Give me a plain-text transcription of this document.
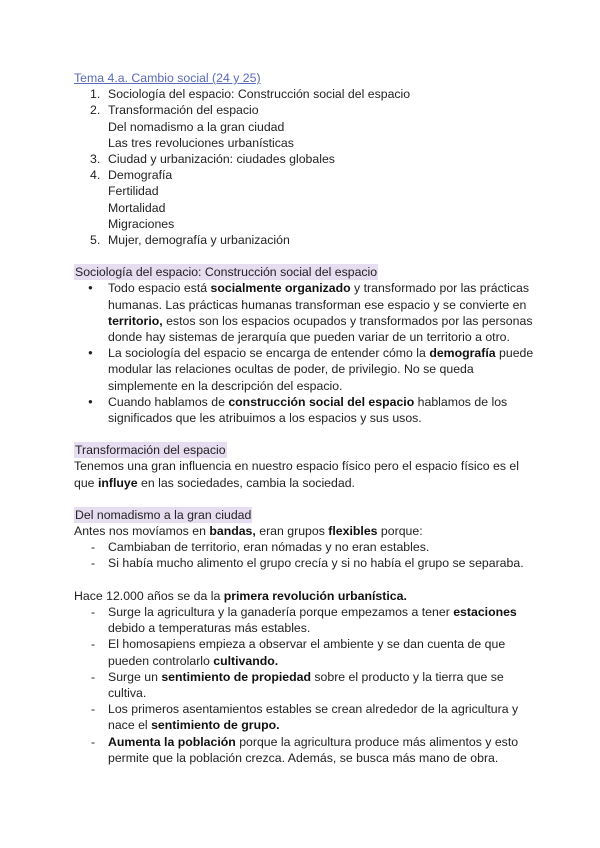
Tema 4.a. Cambio social (24 y 25)
1. Sociología del espacio: Construcción social del espacio
2. Transformación del espacio
Del nomadismo a la gran ciudad
Las tres revoluciones urbanísticas
3. Ciudad y urbanización: ciudades globales
4. Demografía
Fertilidad
Mortalidad
Migraciones
5. Mujer, demografía y urbanización
Sociología del espacio: Construcción social del espacio
● Todo espacio está socialmente organizado y transformado por las prácticas humanas. Las prácticas humanas transforman ese espacio y se convierte en territorio, estos son los espacios ocupados y transformados por las personas donde hay sistemas de jerarquía que pueden variar de un territorio a otro.
● La sociología del espacio se encarga de entender cómo la demografía puede modular las relaciones ocultas de poder, de privilegio. No se queda simplemente en la descripción del espacio.
● Cuando hablamos de construcción social del espacio hablamos de los significados que les atribuimos a los espacios y sus usos.
Transformación del espacio
Tenemos una gran influencia en nuestro espacio físico pero el espacio físico es el que influye en las sociedades, cambia la sociedad.
Del nomadismo a la gran ciudad
Antes nos movíamos en bandas, eran grupos flexibles porque:
- Cambiaban de territorio, eran nómadas y no eran estables.
- Si había mucho alimento el grupo crecía y si no había el grupo se separaba.
Hace 12.000 años se da la primera revolución urbanística.
- Surge la agricultura y la ganadería porque empezamos a tener estaciones debido a temperaturas más estables.
- El homosapiens empieza a observar el ambiente y se dan cuenta de que pueden controlarlo cultivando.
- Surge un sentimiento de propiedad sobre el producto y la tierra que se cultiva.
- Los primeros asentamientos estables se crean alrededor de la agricultura y nace el sentimiento de grupo.
- Aumenta la población porque la agricultura produce más alimentos y esto permite que la población crezca. Además, se busca más mano de obra.
